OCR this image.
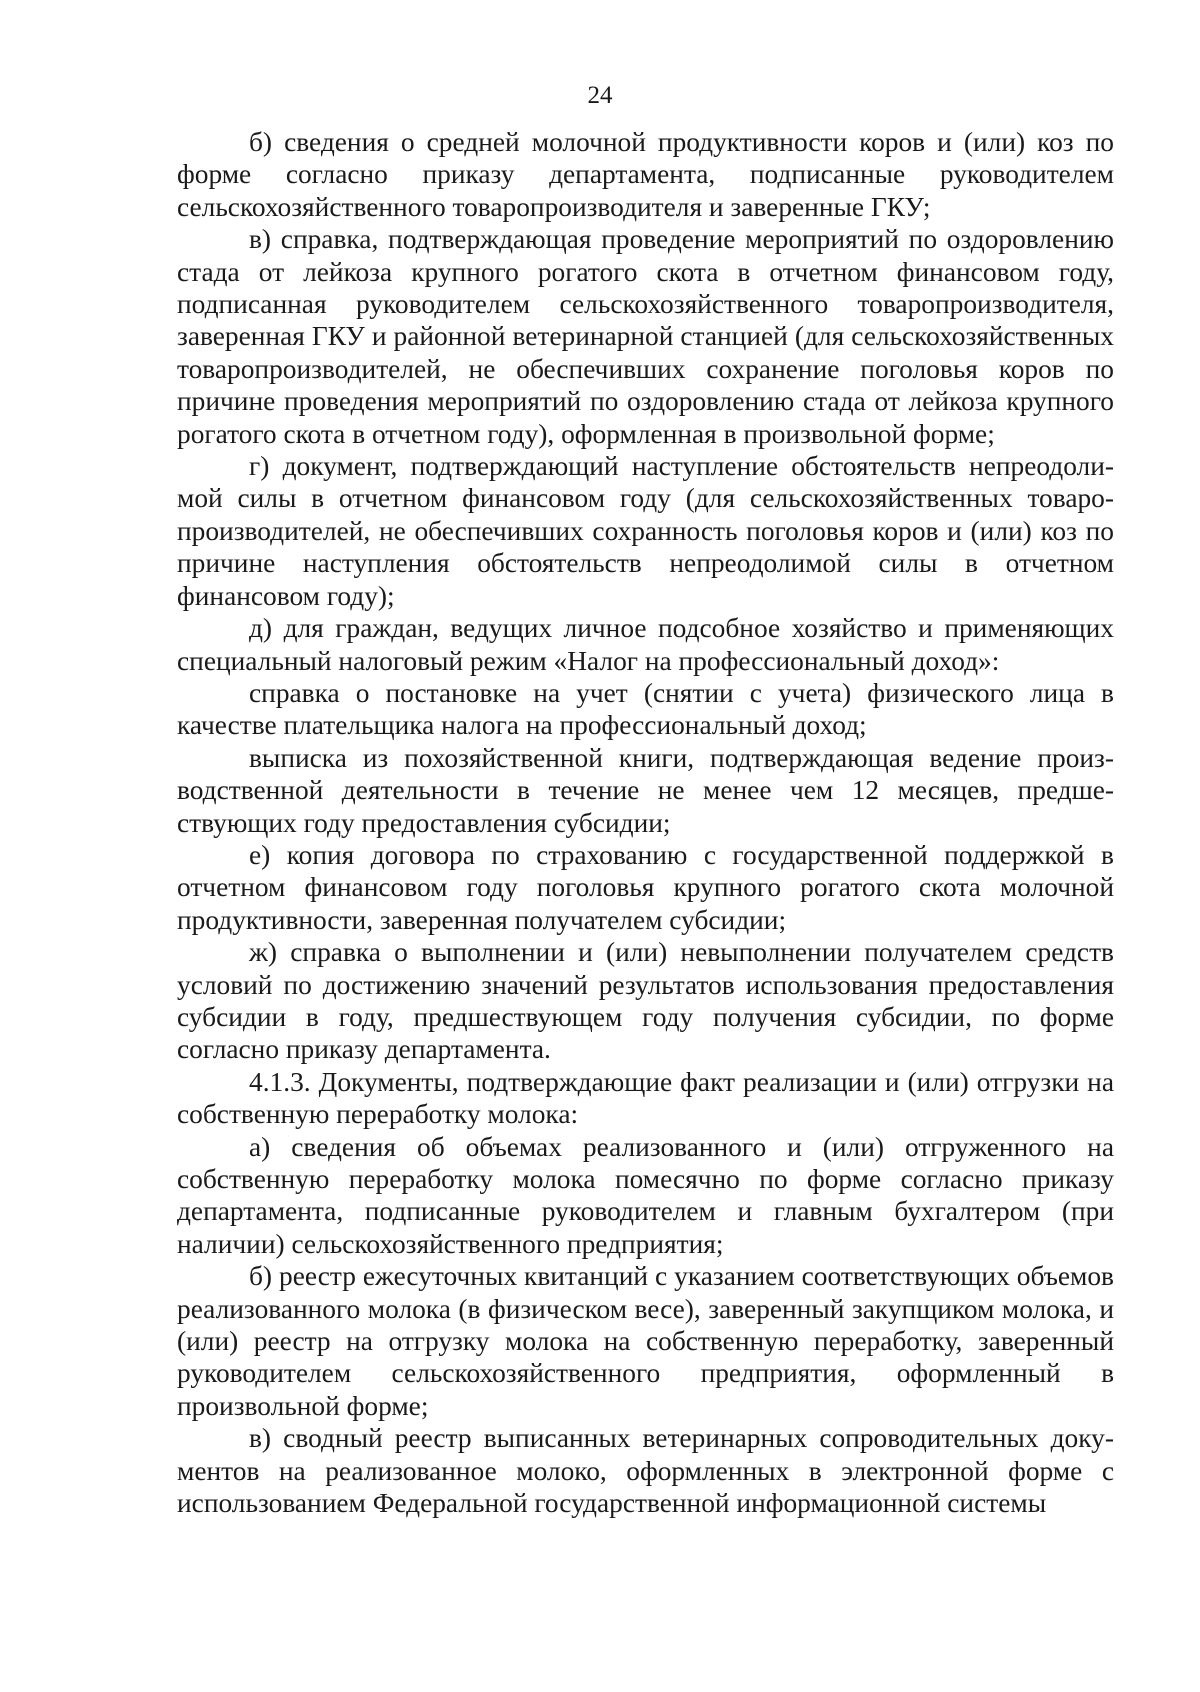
24

б) сведения о средней молочной продуктивности коров и (или) коз по форме согласно приказу департамента, подписанные руководителем сельскохозяйственного товаропроизводителя и заверенные ГКУ;

в) справка, подтверждающая проведение мероприятий по оздоровлению стада от лейкоза крупного рогатого скота в отчетном финансовом году, подписанная руководителем сельскохозяйственного товаропроизводителя, заверенная ГКУ и районной ветеринарной станцией (для сельскохозяйственных товаропроизводителей, не обеспечивших сохранение поголовья коров по причине проведения мероприятий по оздоровлению стада от лейкоза крупного рогатого скота в отчетном году), оформленная в произвольной форме;

г) документ, подтверждающий наступление обстоятельств непреодолимой силы в отчетном финансовом году (для сельскохозяйственных товаропроизводителей, не обеспечивших сохранность поголовья коров и (или) коз по причине наступления обстоятельств непреодолимой силы в отчетном финансовом году);

д) для граждан, ведущих личное подсобное хозяйство и применяющих специальный налоговый режим «Налог на профессиональный доход»:

справка о постановке на учет (снятии с учета) физического лица в качестве плательщика налога на профессиональный доход;

выписка из похозяйственной книги, подтверждающая ведение производственной деятельности в течение не менее чем 12 месяцев, предшествующих году предоставления субсидии;

е) копия договора по страхованию с государственной поддержкой в отчетном финансовом году поголовья крупного рогатого скота молочной продуктивности, заверенная получателем субсидии;

ж) справка о выполнении и (или) невыполнении получателем средств условий по достижению значений результатов использования предоставления субсидии в году, предшествующем году получения субсидии, по форме согласно приказу департамента.

4.1.3. Документы, подтверждающие факт реализации и (или) отгрузки на собственную переработку молока:

а) сведения об объемах реализованного и (или) отгруженного на собственную переработку молока помесячно по форме согласно приказу департамента, подписанные руководителем и главным бухгалтером (при наличии) сельскохозяйственного предприятия;

б) реестр ежесуточных квитанций с указанием соответствующих объемов реализованного молока (в физическом весе), заверенный закупщиком молока, и (или) реестр на отгрузку молока на собственную переработку, заверенный руководителем сельскохозяйственного предприятия, оформленный в произвольной форме;

в) сводный реестр выписанных ветеринарных сопроводительных документов на реализованное молоко, оформленных в электронной форме с использованием Федеральной государственной информационной системы
